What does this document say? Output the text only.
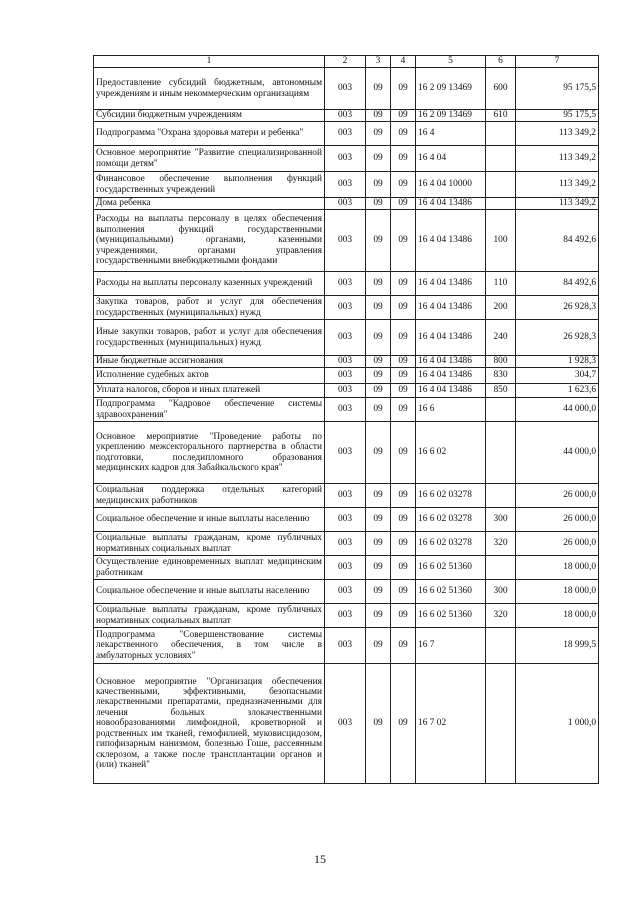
1	2	3	4	5	6	7
Предоставление субсидий бюджетным, автономным учреждениям и иным некоммерческим организациям	003	09	09	16 2 09 13469	600	95 175,5
Субсидии бюджетным учреждениям	003	09	09	16 2 09 13469	610	95 175,5
Подпрограмма "Охрана здоровья матери и ребенка"	003	09	09	16 4		113 349,2
Основное мероприятие "Развитие специализированной помощи детям"	003	09	09	16 4 04		113 349,2
Финансовое обеспечение выполнения функций государственных учреждений	003	09	09	16 4 04 10000		113 349,2
Дома ребенка	003	09	09	16 4 04 13486		113 349,2
Расходы на выплаты персоналу в целях обеспечения выполнения функций государственными (муниципальными) органами, казенными учреждениями, органами управления государственными внебюджетными фондами	003	09	09	16 4 04 13486	100	84 492,6
Расходы на выплаты персоналу казенных учреждений	003	09	09	16 4 04 13486	110	84 492,6
Закупка товаров, работ и услуг для обеспечения государственных (муниципальных) нужд	003	09	09	16 4 04 13486	200	26 928,3
Иные закупки товаров, работ и услуг для обеспечения государственных (муниципальных) нужд	003	09	09	16 4 04 13486	240	26 928,3
Иные бюджетные ассигнования	003	09	09	16 4 04 13486	800	1 928,3
Исполнение судебных актов	003	09	09	16 4 04 13486	830	304,7
Уплата налогов, сборов и иных платежей	003	09	09	16 4 04 13486	850	1 623,6
Подпрограмма "Кадровое обеспечение системы здравоохранения"	003	09	09	16 6		44 000,0
Основное мероприятие "Проведение работы по укреплению межсекторального партнерства в области подготовки, последипломного образования медицинских кадров для Забайкальского края"	003	09	09	16 6 02		44 000,0
Социальная поддержка отдельных категорий медицинских работников	003	09	09	16 6 02 03278		26 000,0
Социальное обеспечение и иные выплаты населению	003	09	09	16 6 02 03278	300	26 000,0
Социальные выплаты гражданам, кроме публичных нормативных социальных выплат	003	09	09	16 6 02 03278	320	26 000,0
Осуществление единовременных выплат медицинским работникам	003	09	09	16 6 02 51360		18 000,0
Социальное обеспечение и иные выплаты населению	003	09	09	16 6 02 51360	300	18 000,0
Социальные выплаты гражданам, кроме публичных нормативных социальных выплат	003	09	09	16 6 02 51360	320	18 000,0
Подпрограмма "Совершенствование системы лекарственного обеспечения, в том числе в амбулаторных условиях"	003	09	09	16 7		18 999,5
Основное мероприятие "Организация обеспечения качественными, эффективными, безопасными лекарственными препаратами, предназначенными для лечения больных злокачественными новообразованиями лимфоидной, кроветворной и родственных им тканей, гемофилией, муковисцидозом, гипофизарным нанизмом, болезнью Гоше, рассеянным склерозом, а также после трансплантации органов и (или) тканей"	003	09	09	16 7 02		1 000,0
15
